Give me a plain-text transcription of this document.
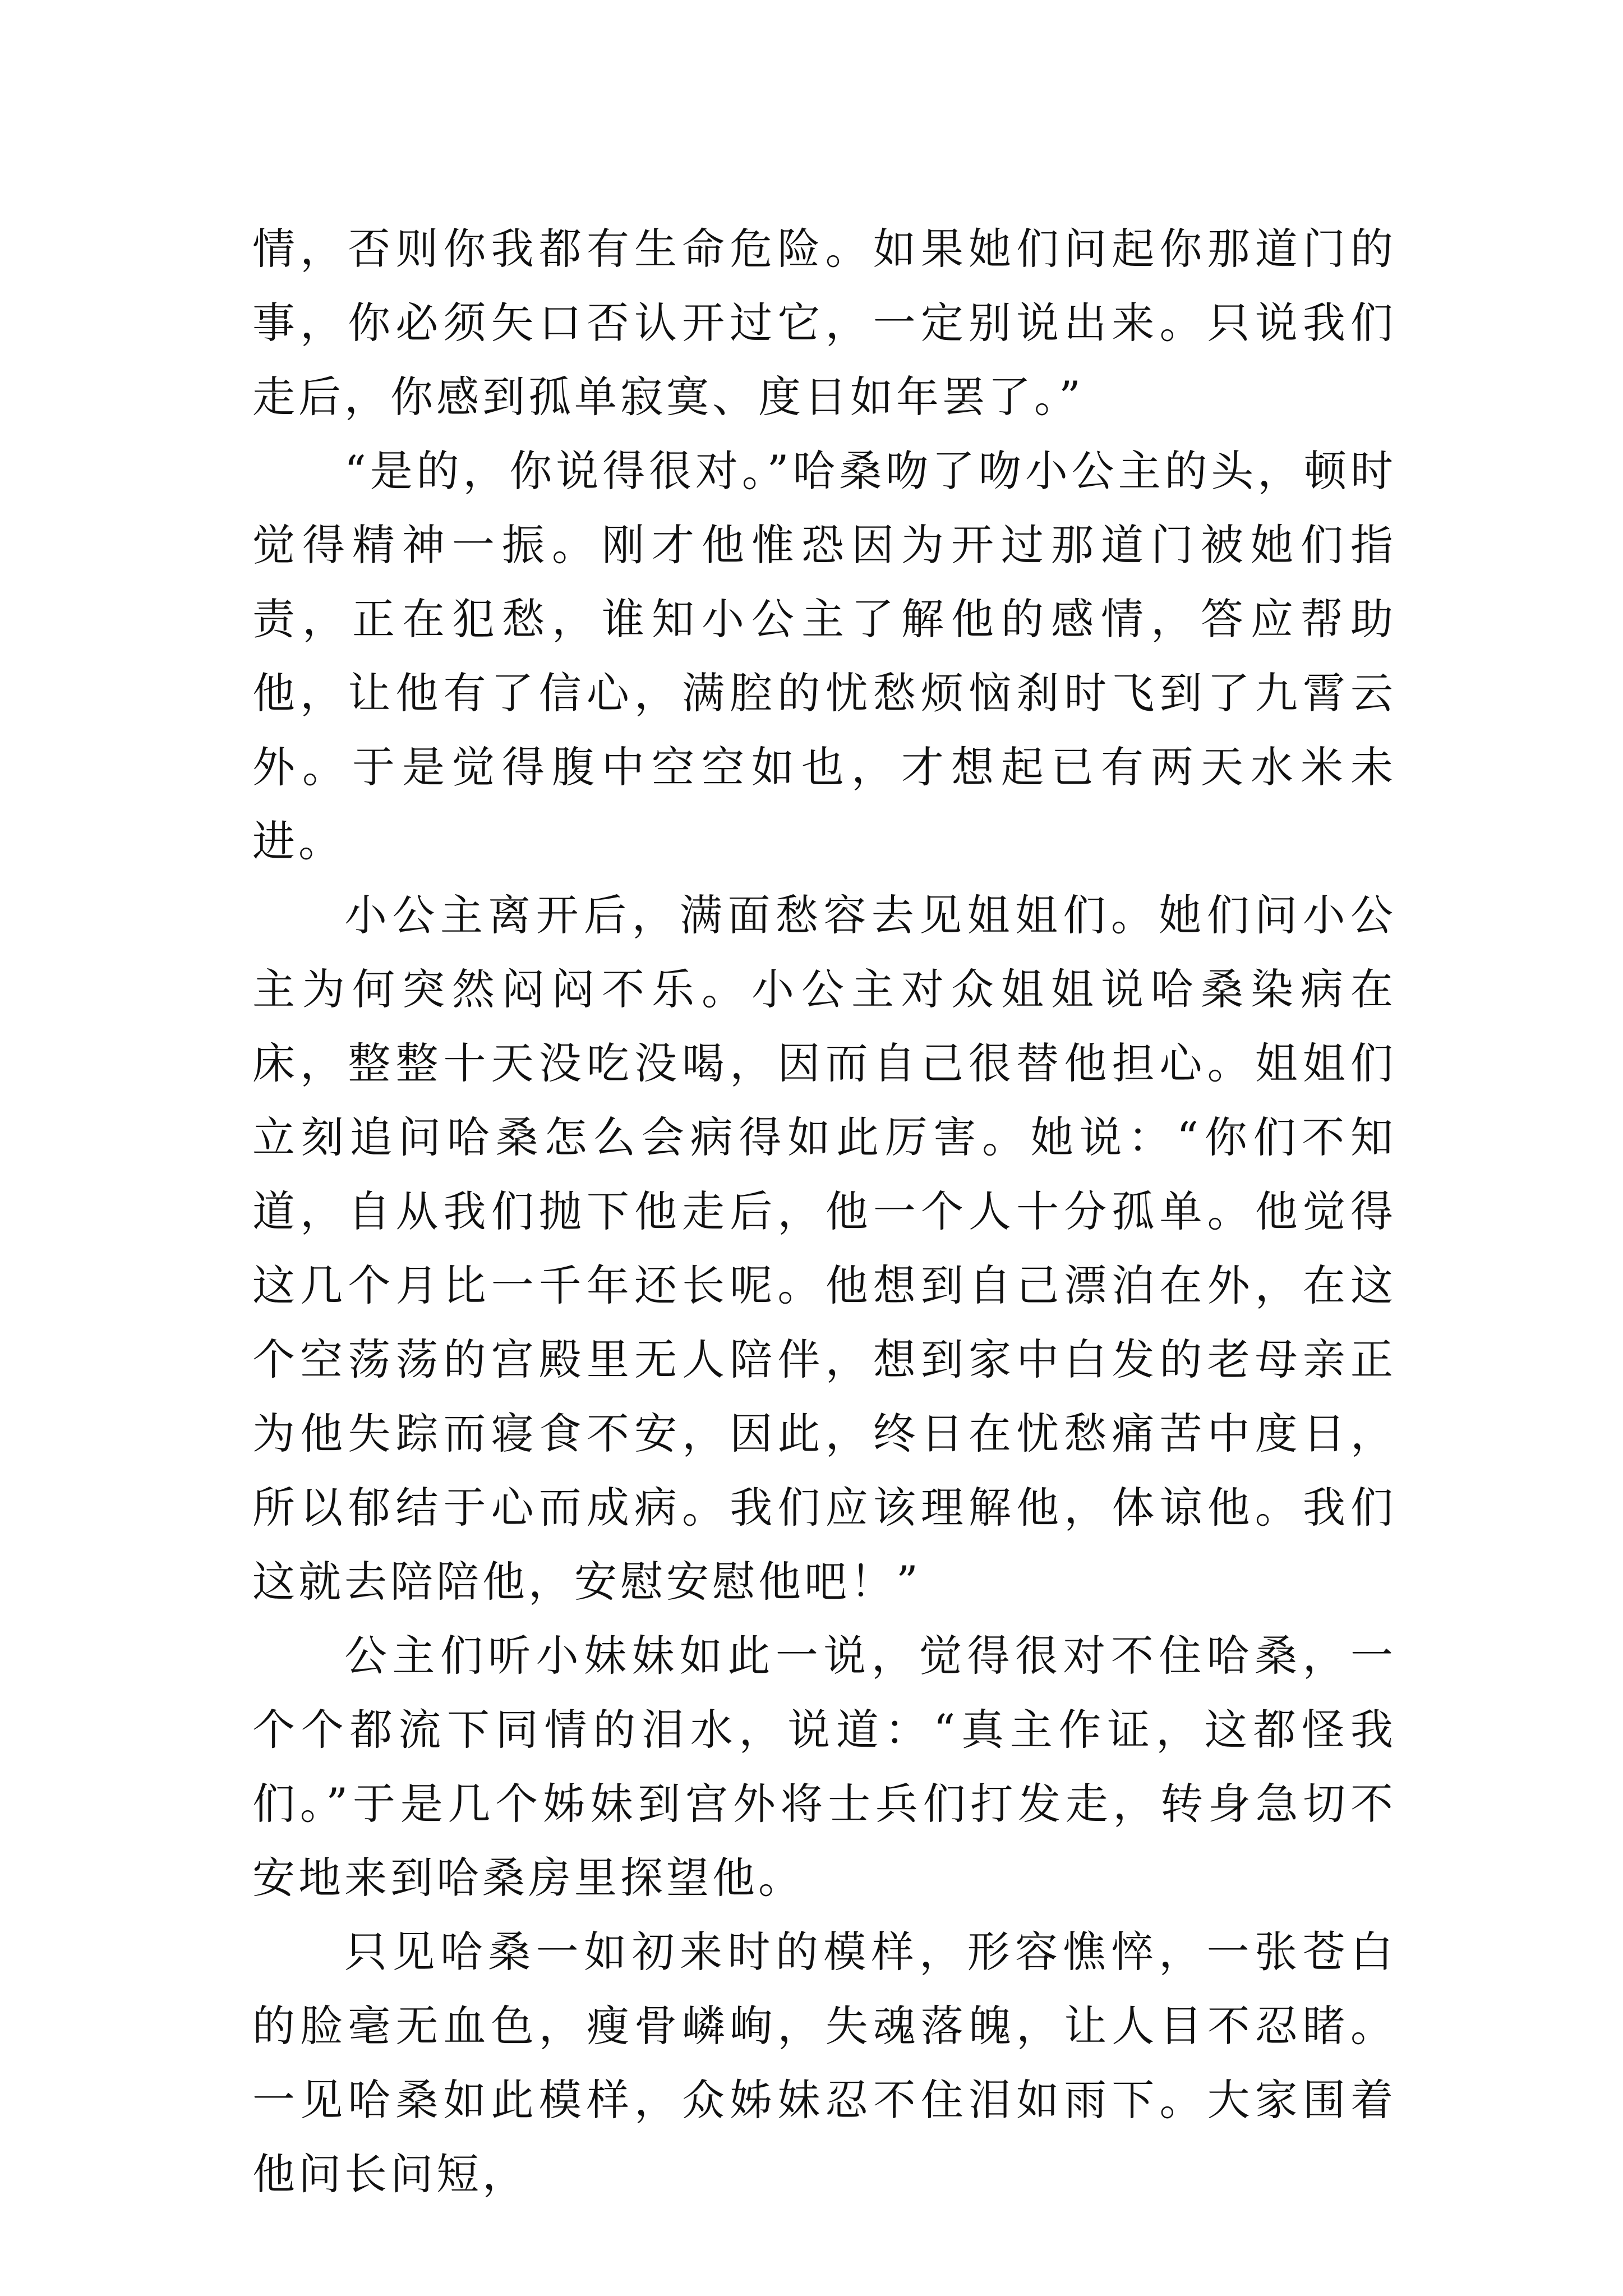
情，否则你我都有生命危险。如果她们问起你那道门的事，你必须矢口否认开过它，一定别说出来。只说我们走后，你感到孤单寂寞、度日如年罢了。”

“是的，你说得很对。”哈桑吻了吻小公主的头，顿时觉得精神一振。刚才他惟恐因为开过那道门被她们指责，正在犯愁，谁知小公主了解他的感情，答应帮助他，让他有了信心，满腔的忧愁烦恼刹时飞到了九霄云外。于是觉得腹中空空如也，才想起已有两天水米未进。

小公主离开后，满面愁容去见姐姐们。她们问小公主为何突然闷闷不乐。小公主对众姐姐说哈桑染病在床，整整十天没吃没喝，因而自己很替他担心。姐姐们立刻追问哈桑怎么会病得如此厉害。她说：“你们不知道，自从我们抛下他走后，他一个人十分孤单。他觉得这几个月比一千年还长呢。他想到自己漂泊在外，在这个空荡荡的宫殿里无人陪伴，想到家中白发的老母亲正为他失踪而寝食不安，因此，终日在忧愁痛苦中度日，所以郁结于心而成病。我们应该理解他，体谅他。我们这就去陪陪他，安慰安慰他吧！”

公主们听小妹妹如此一说，觉得很对不住哈桑，一个个都流下同情的泪水，说道：“真主作证，这都怪我们。”于是几个姊妹到宫外将士兵们打发走，转身急切不安地来到哈桑房里探望他。

只见哈桑一如初来时的模样，形容憔悴，一张苍白的脸毫无血色，瘦骨嶙峋，失魂落魄，让人目不忍睹。一见哈桑如此模样，众姊妹忍不住泪如雨下。大家围着他问长问短，
